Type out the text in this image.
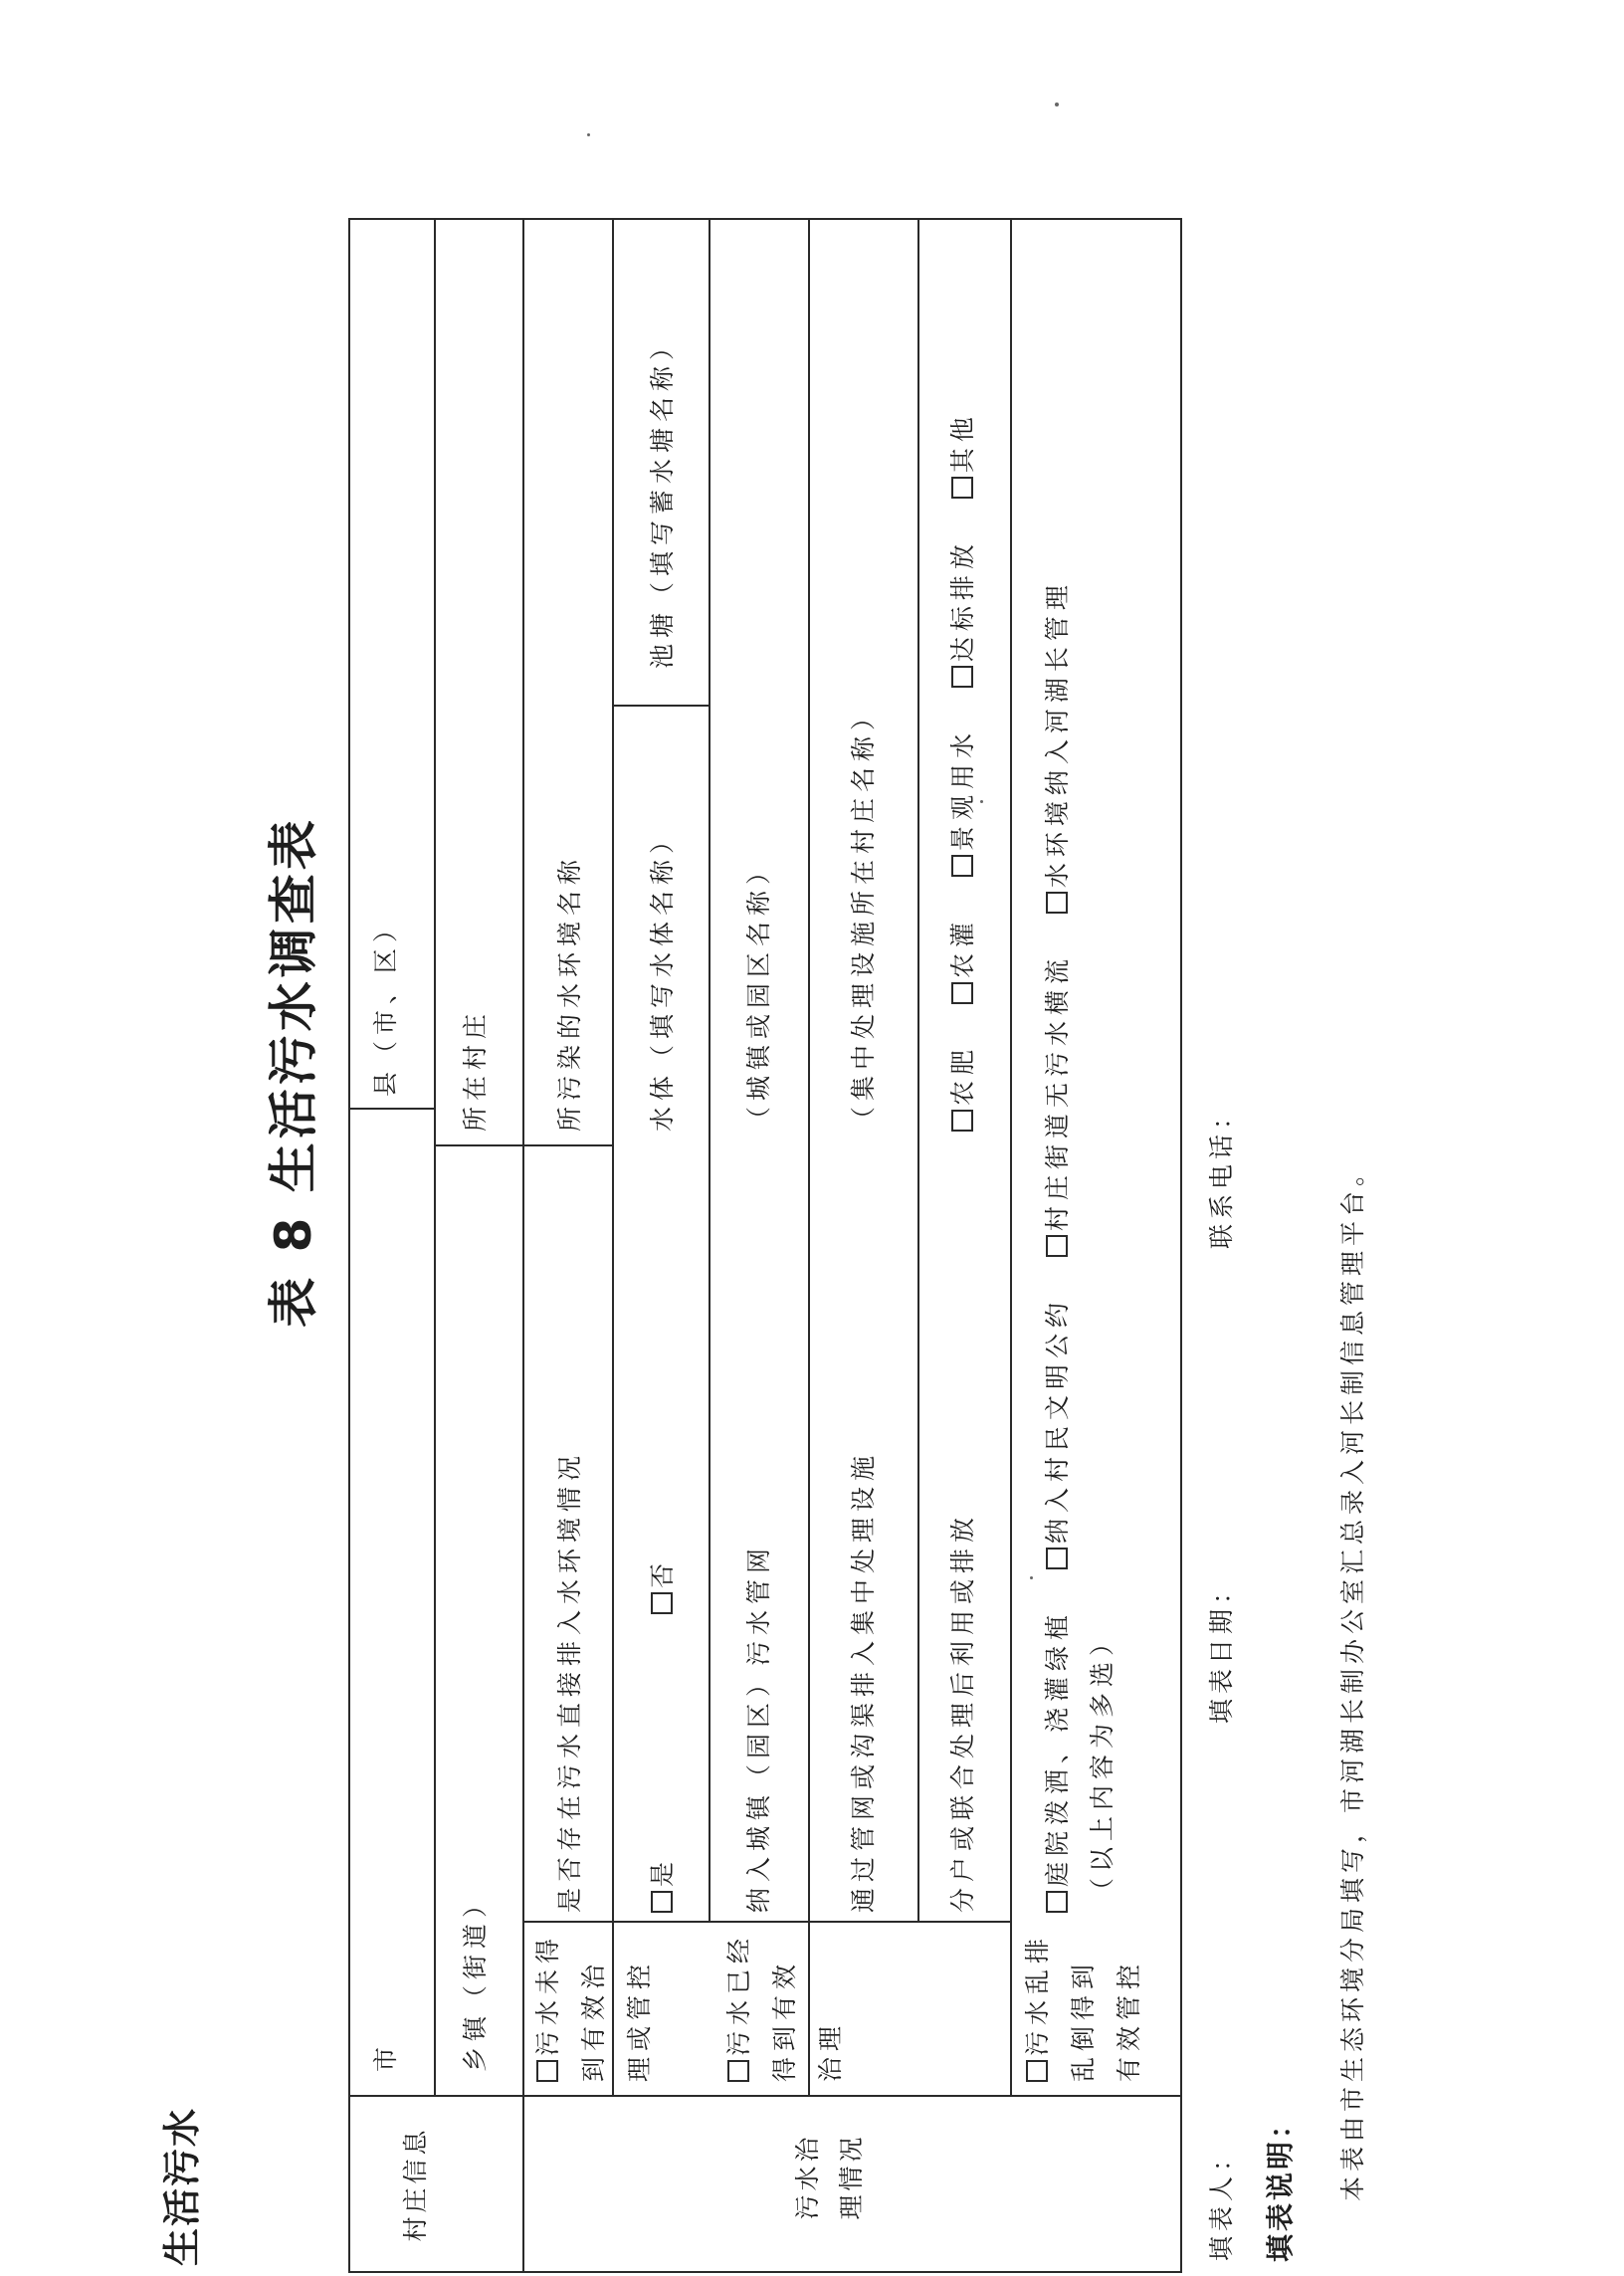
生活污水
表 8 生活污水调查表
村庄信息	污水治理情况
市
县（市、区）
乡镇（街道）
所在村庄
污水未得到有效治理或管控
是否存在污水直接排入水环境情况
所污染的水环境名称
是
否
水体（填写水体名称）
池塘（填写蓄水塘名称）
污水已经得到有效治理
纳入城镇（园区）污水管网
（城镇或园区名称）
通过管网或沟渠排入集中处理设施
（集中处理设施所在村庄名称）
分户或联合处理后利用或排放
农肥 农灌 景观用水 达标排放 其他
污水乱排乱倒得到有效管控
庭院泼洒、浇灌绿植 纳入村民文明公约 村庄街道无污水横流 水环境纳入河湖长管理
（以上内容为多选）
填表人：
填表日期：
联系电话：
填表说明： 本表由市生态环境分局填写，市河湖长制办公室汇总录入河长制信息管理平台。
